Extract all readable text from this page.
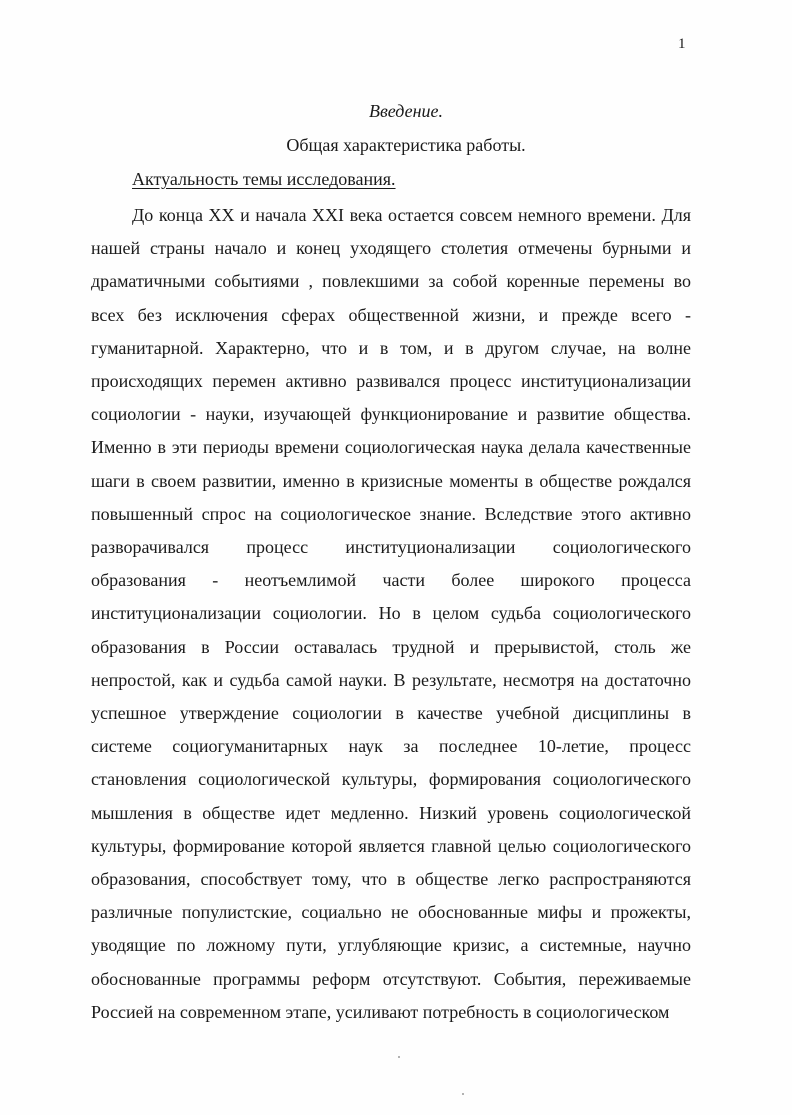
1
Введение.
Общая характеристика работы.
Актуальность темы исследования.

До конца XX и начала XXI века остается совсем немного времени. Для нашей страны начало и конец уходящего столетия отмечены бурными и драматичными событиями , повлекшими за собой коренные перемены во всех без исключения сферах общественной жизни, и прежде всего - гуманитарной. Характерно, что и в том, и в другом случае, на волне происходящих перемен активно развивался процесс институционализации социологии - науки, изучающей функционирование и развитие общества. Именно в эти периоды времени социологическая наука делала качественные шаги в своем развитии, именно в кризисные моменты в обществе рождался повышенный спрос на социологическое знание. Вследствие этого активно разворачивался процесс институционализации социологического образования - неотъемлимой части более широкого процесса институционализации социологии. Но в целом судьба социологического образования в России оставалась трудной и прерывистой, столь же непростой, как и судьба самой науки. В результате, несмотря на достаточно успешное утверждение социологии в качестве учебной дисциплины в системе социогуманитарных наук за последнее 10-летие, процесс становления социологической культуры, формирования социологического мышления в обществе идет медленно. Низкий уровень социологической культуры, формирование которой является главной целью социологического образования, способствует тому, что в обществе легко распространяются различные популистские, социально не обоснованные мифы и прожекты, уводящие по ложному пути, углубляющие кризис, а системные, научно обоснованные программы реформ отсутствуют. События, переживаемые Россией на современном этапе, усиливают потребность в социологическом
